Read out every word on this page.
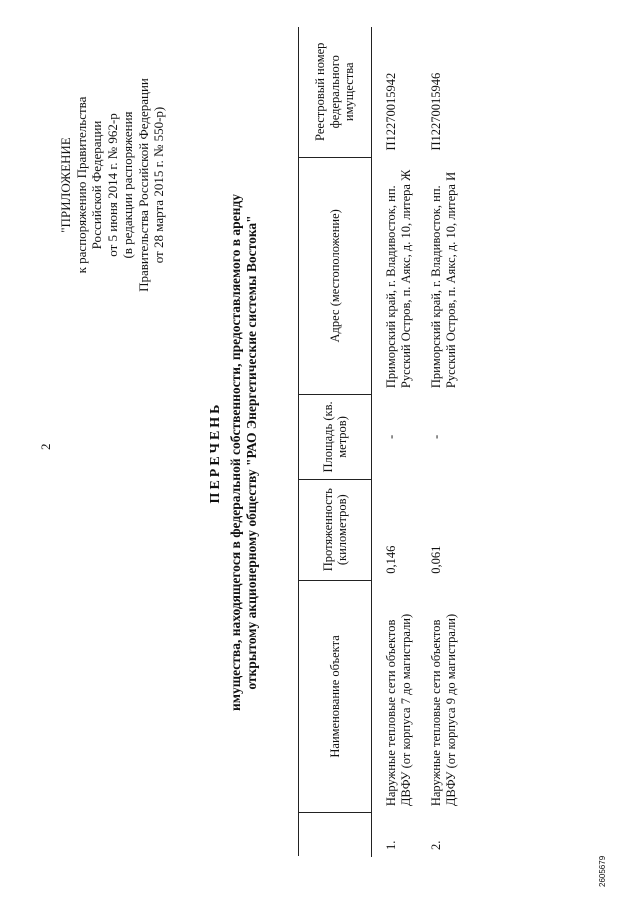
2
"ПРИЛОЖЕНИЕ к распоряжению Правительства Российской Федерации от 5 июня 2014 г. № 962-р (в редакции распоряжения Правительства Российской Федерации от 28 марта 2015 г. № 550-р)
ПЕРЕЧЕНЬ имущества, находящегося в федеральной собственности, предоставляемого в аренду открытому акционерному обществу "РАО Энергетические системы Востока"
	Наименование объекта	Протяженность (километров)	Площадь (кв. метров)	Адрес (местоположение)	Реестровый номер федерального имущества
1.	Наружные тепловые сети объектов ДВФУ (от корпуса 7 до магистрали)	0,146	-	Приморский край, г. Владивосток, нп. Русский Остров, п. Аякс, д. 10, литера Ж	П12270015942
2.	Наружные тепловые сети объектов ДВФУ (от корпуса 9 до магистрали)	0,061	-	Приморский край, г. Владивосток, нп. Русский Остров, п. Аякс, д. 10, литера И	П12270015946
2605679
